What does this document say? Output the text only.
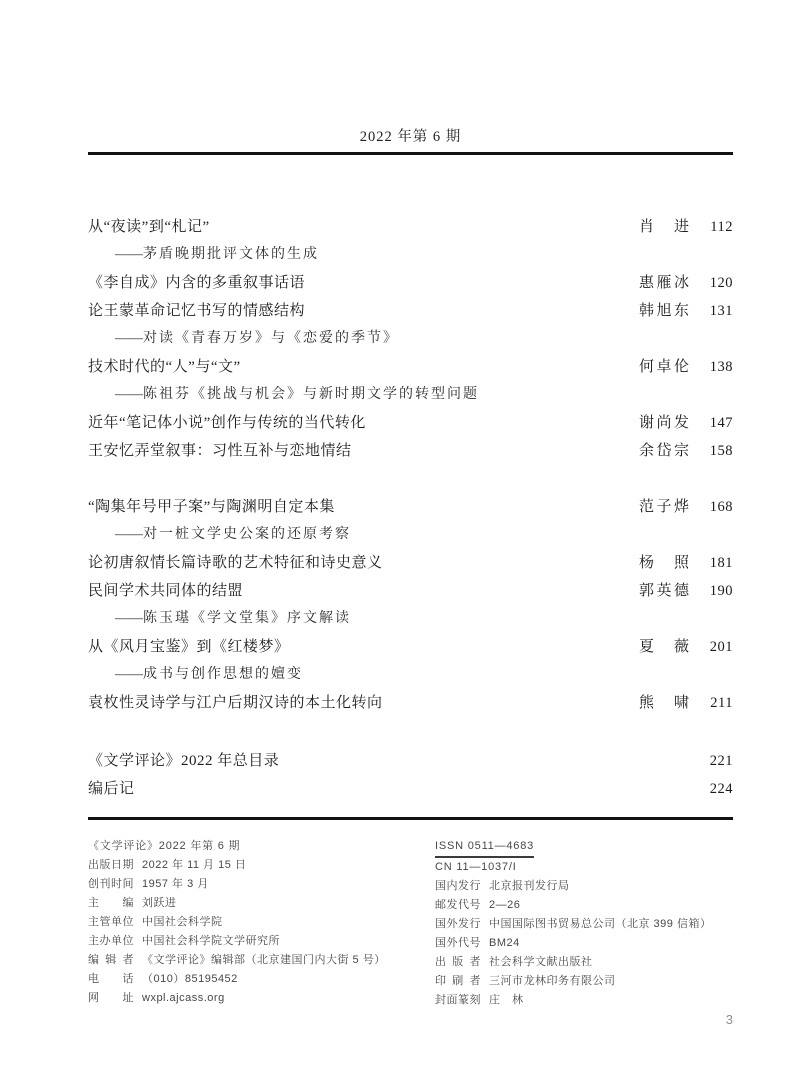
2022 年第 6 期
从“夜读”到“札记”	肖　进	112
——茅盾晚期批评文体的生成
《李自成》内含的多重叙事话语	惠雁冰	120
论王蒙革命记忆书写的情感结构	韩旭东	131
——对读《青春万岁》与《恋爱的季节》
技术时代的“人”与“文”	何卓伦	138
——陈祖芬《挑战与机会》与新时期文学的转型问题
近年“笔记体小说”创作与传统的当代转化	谢尚发	147
王安忆弄堂叙事：习性互补与恋地情结	余岱宗	158
“陶集年号甲子案”与陶渊明自定本集	范子烨	168
——对一桩文学史公案的还原考察
论初唐叙情长篇诗歌的艺术特征和诗史意义	杨　照	181
民间学术共同体的结盟	郭英德	190
——陈玉璂《学文堂集》序文解读
从《风月宝鉴》到《红楼梦》	夏　薇	201
——成书与创作思想的嬗变
袁枚性灵诗学与江户后期汉诗的本土化转向	熊　啸	211
《文学评论》2022 年总目录	221
编后记	224
《文学评论》2022 年第 6 期
出版日期 2022 年 11 月 15 日
创刊时间 1957 年 3 月
主　　编 刘跃进
主管单位 中国社会科学院
主办单位 中国社会科学院文学研究所
编 辑 者 《文学评论》编辑部（北京建国门内大街 5 号）
电　　话 （010）85195452
网　　址 wxpl.ajcass.org
ISSN 0511—4683
CN 11—1037/I
国内发行 北京报刊发行局
邮发代号 2—26
国外发行 中国国际图书贸易总公司（北京 399 信箱）
国外代号 BM24
出 版 者 社会科学文献出版社
印 刷 者 三河市龙林印务有限公司
封面篆刻 庄　林
3
